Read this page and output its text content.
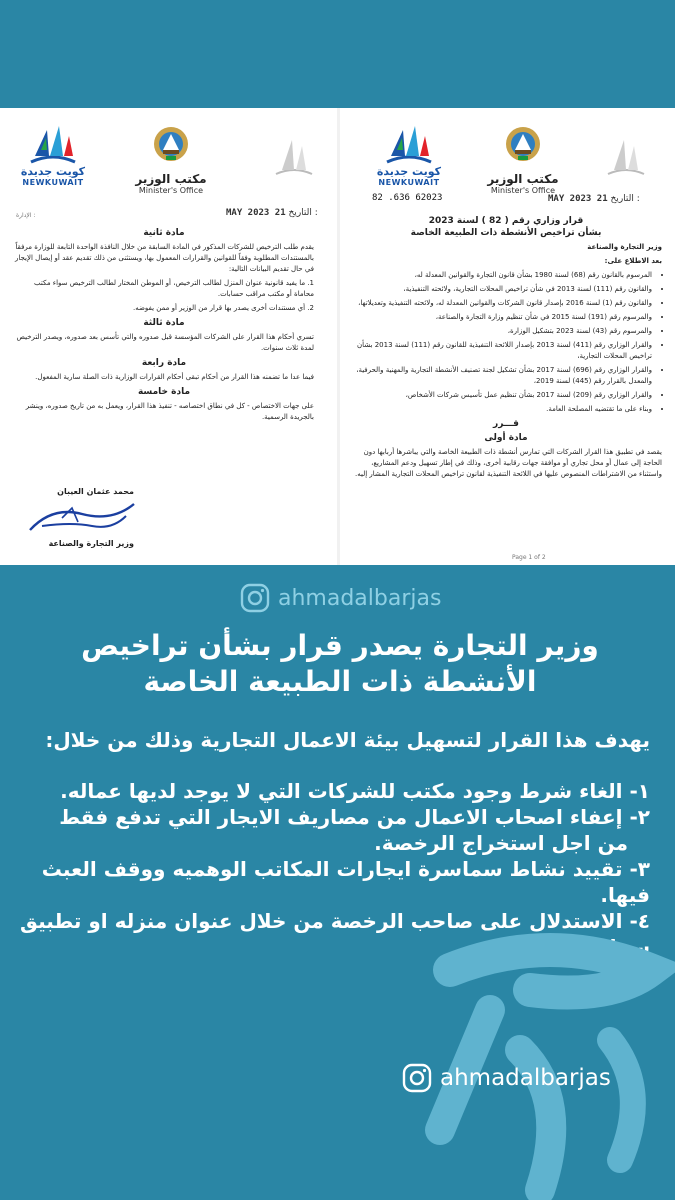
كويت جديدة
NEWKUWAIT	مكتب الوزير
Minister's Office
الإدارة :	: التاريخ 21 MAY 2023
مادة ثانية

يقدم طلب الترخيص للشركات المذكور في المادة السابقة من خلال النافذة الواحدة التابعة للوزارة مرفقاً بالمستندات المطلوبة وفقاً للقوانين والقرارات المعمول بها، ويستثنى من ذلك تقديم عقد أو إيصال الإيجار في حال تقديم البيانات التالية:

1. ما يفيد قانونية عنوان المنزل لطالب الترخيص، أو الموطن المختار لطالب الترخيص سواء مكتب محاماة أو مكتب مراقب حسابات.

2. أي مستندات أخرى يصدر بها قرار من الوزير أو ممن يفوضه.

مادة ثالثة

تسري أحكام هذا القرار على الشركات المؤسسة قبل صدوره والتي تأسس بعد صدوره، ويصدر الترخيص لمدة ثلاث سنوات.

مادة رابعة

فيما عدا ما تضمنه هذا القرار من أحكام تبقى أحكام القرارات الوزارية ذات الصلة سارية المفعول.

مادة خامسة

على جهات الاختصاص - كل في نطاق اختصاصه - تنفيذ هذا القرار، ويعمل به من تاريخ صدوره، وينشر بالجريدة الرسمية.

محمد عثمان العيبان

وزير التجارة والصناعة

كويت جديدة
NEWKUWAIT	مكتب الوزير
Minister's Office
82 .636 62023	: التاريخ 21 MAY 2023
قرار وزاري رقم ( 82 ) لسنة 2023
بشأن تراخيص الأنشطة ذات الطبيعة الخاصة

وزير التجارة والصناعة

بعد الاطلاع على:

• المرسوم بالقانون رقم (68) لسنة 1980 بشأن قانون التجارة والقوانين المعدلة له،
• والقانون رقم (111) لسنة 2013 في شأن تراخيص المحلات التجارية، ولائحته التنفيذية،
• والقانون رقم (1) لسنة 2016 بإصدار قانون الشركات والقوانين المعدلة له، ولائحته التنفيذية وتعديلاتها،
• والمرسوم رقم (191) لسنة 2015 في شأن تنظيم وزارة التجارة والصناعة،
• والمرسوم رقم (43) لسنة 2023 بتشكيل الوزارة،
• والقرار الوزاري رقم (411) لسنة 2013 بإصدار اللائحة التنفيذية للقانون رقم (111) لسنة 2013 بشأن تراخيص المحلات التجارية،
• والقرار الوزاري رقم (696) لسنة 2017 بشأن تشكيل لجنة تصنيف الأنشطة التجارية والمهنية والحرفية، والمعدل بالقرار رقم (445) لسنة 2019،
• والقرار الوزاري رقم (209) لسنة 2017 بشأن تنظيم عمل تأسيس شركات الأشخاص،
• وبناء على ما تقتضيه المصلحة العامة.
قـــرر
مادة أولى

يقصد في تطبيق هذا القرار الشركات التي تمارس أنشطة ذات الطبيعة الخاصة والتي يباشرها أربابها دون الحاجة إلى عمال أو محل تجاري أو موافقة جهات رقابية أخرى، وذلك في إطار تسهيل ودعم المشاريع، واستثناء من الاشتراطات المنصوص عليها في اللائحة التنفيذية لقانون تراخيص المحلات التجارية المشار إليه.

Page 1 of 2
ahmadalbarjas
وزير التجارة يصدر قرار بشأن تراخيص الأنشطة ذات الطبيعة الخاصة
يهدف هذا القرار لتسهيل بيئة الاعمال التجارية وذلك من خلال:
١- الغاء شرط وجود مكتب للشركات التي لا يوجد لديها عماله.
٢- إعفاء اصحاب الاعمال من مصاريف الايجار التي تدفع فقط
من اجل استخراج الرخصة.
٣- تقييد نشاط سماسرة ايجارات المكاتب الوهميه ووقف العبث فيها.
٤- الاستدلال على صاحب الرخصة من خلال عنوان منزله او تطبيق سهل.
ahmadalbarjas
